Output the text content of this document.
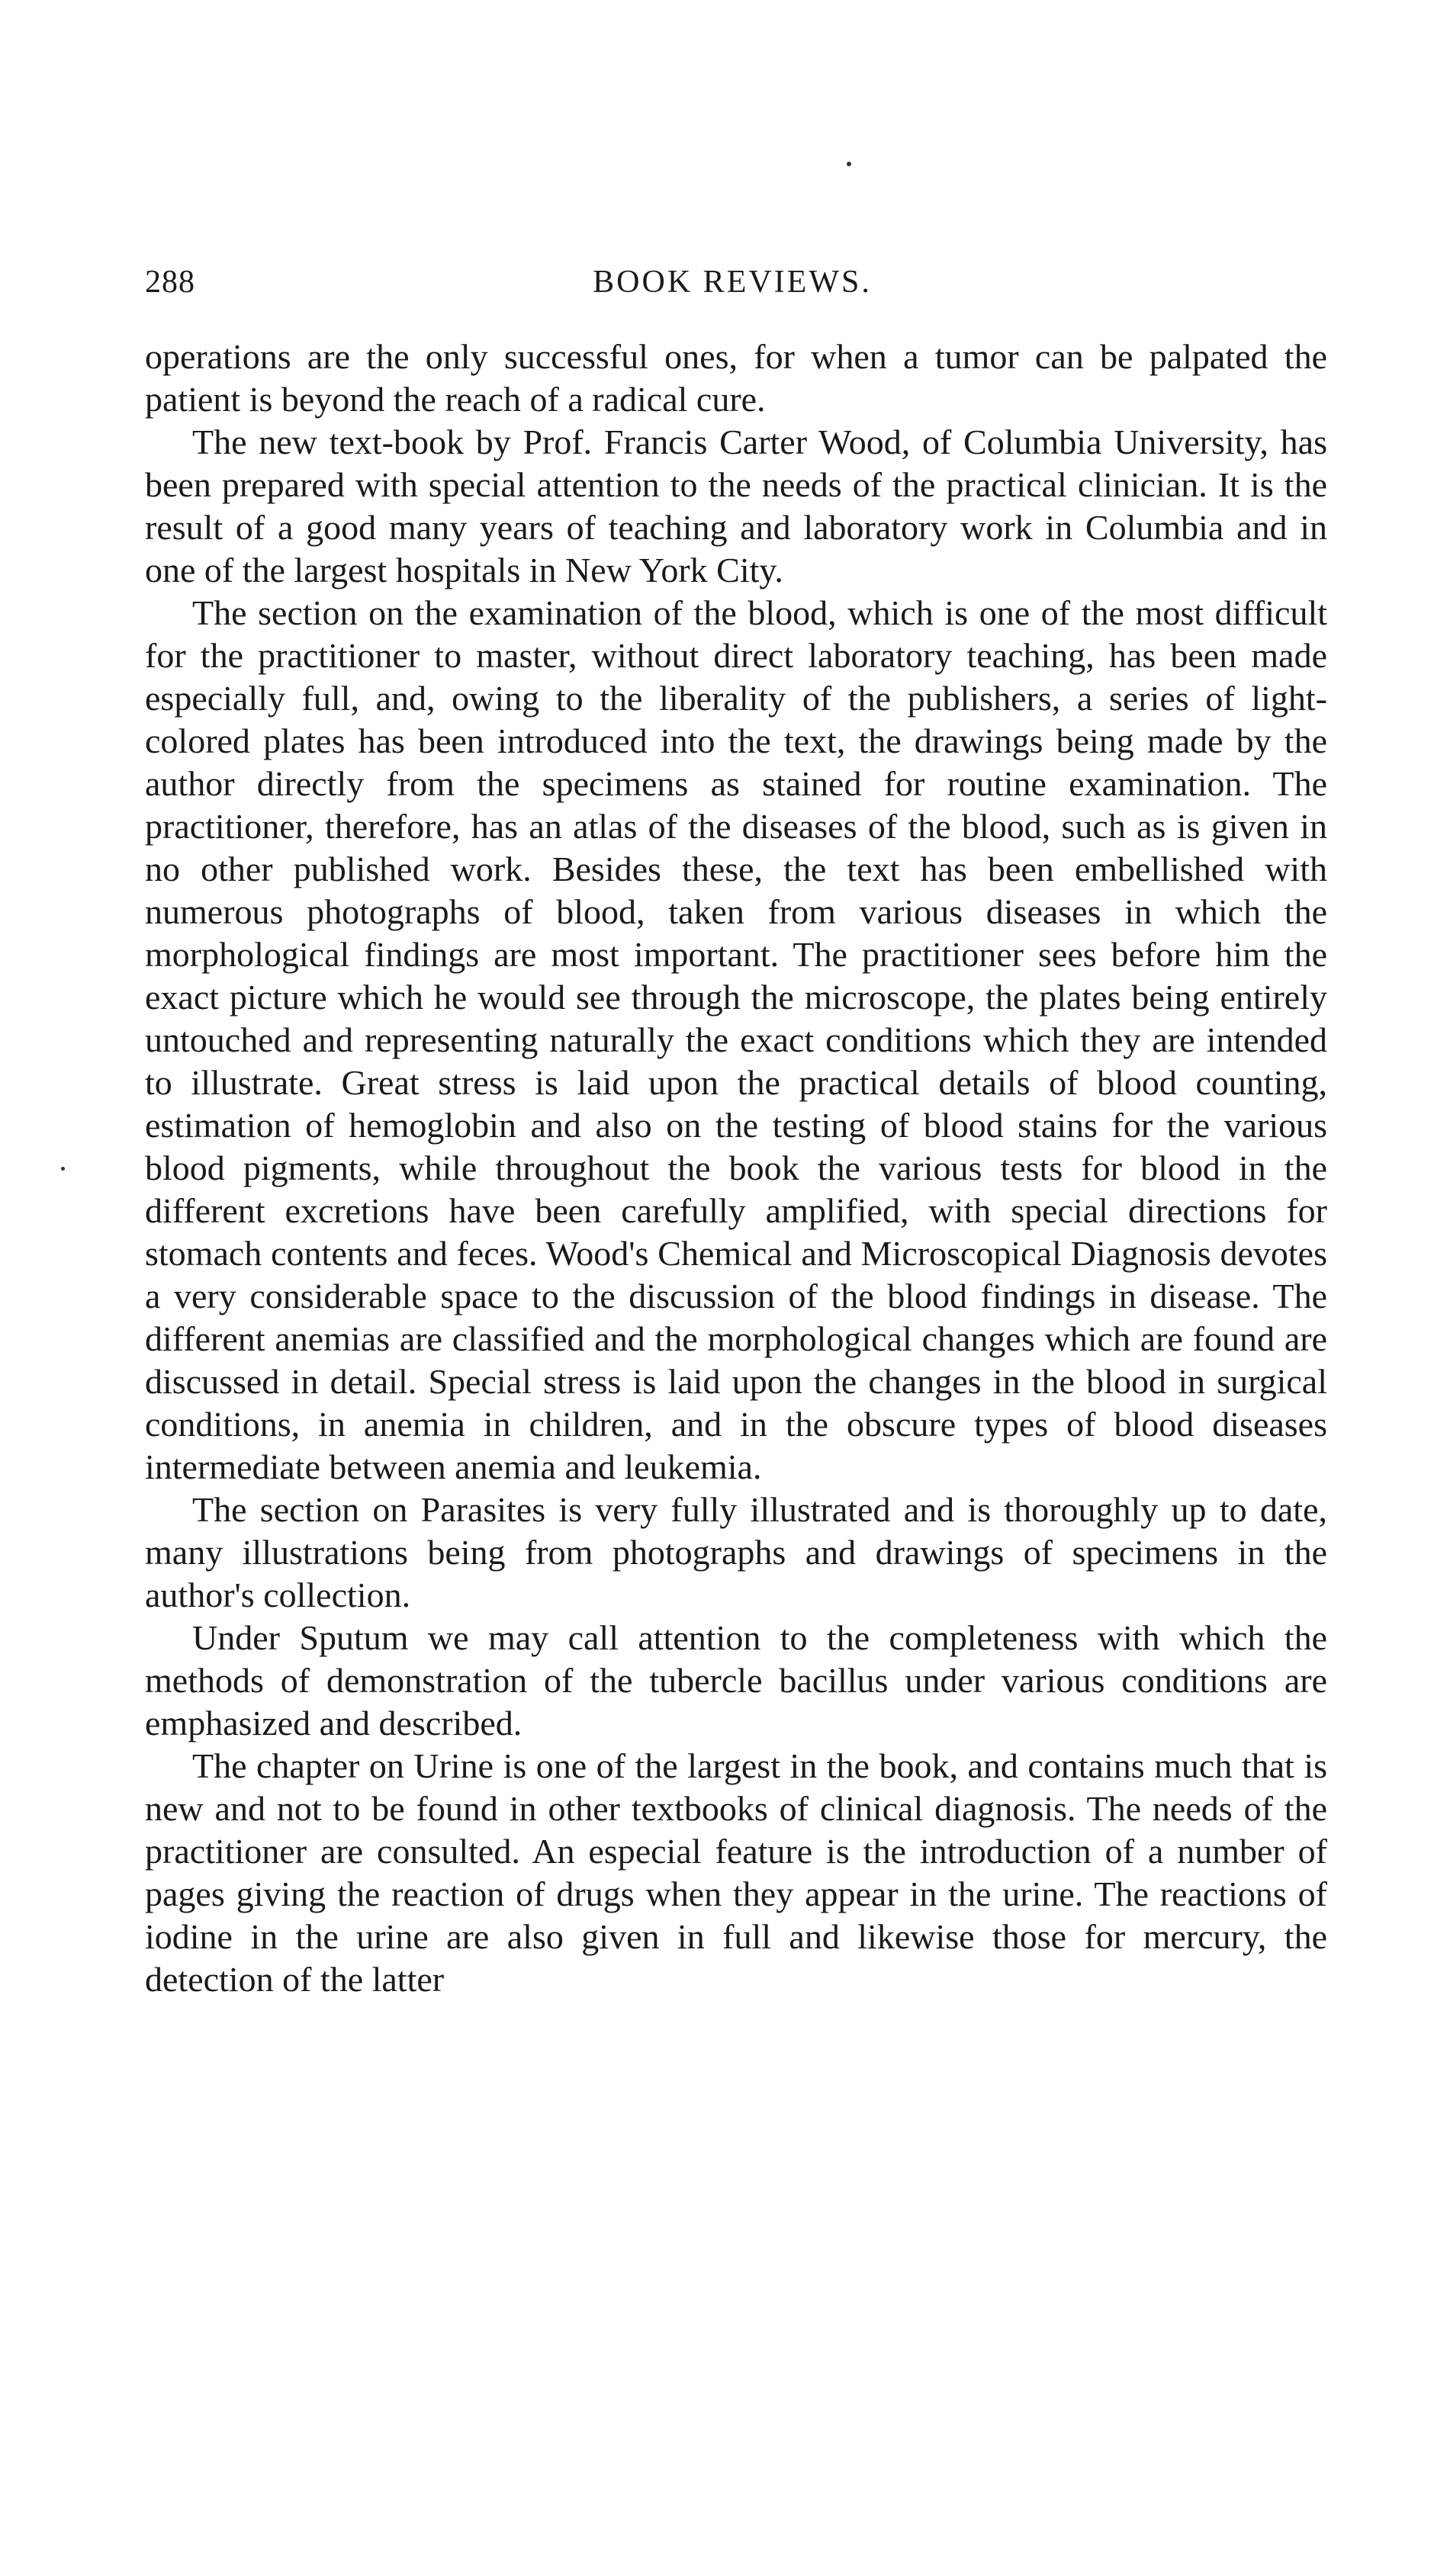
288	BOOK REVIEWS.

operations are the only successful ones, for when a tumor can be palpated the patient is beyond the reach of a radical cure.

The new text-book by Prof. Francis Carter Wood, of Columbia University, has been prepared with special attention to the needs of the practical clinician. It is the result of a good many years of teaching and laboratory work in Columbia and in one of the largest hospitals in New York City.

The section on the examination of the blood, which is one of the most difficult for the practitioner to master, without direct laboratory teaching, has been made especially full, and, owing to the liberality of the publishers, a series of light-colored plates has been introduced into the text, the drawings being made by the author directly from the specimens as stained for routine examination. The practitioner, therefore, has an atlas of the diseases of the blood, such as is given in no other published work. Besides these, the text has been embellished with numerous photographs of blood, taken from various diseases in which the morphological findings are most important. The practitioner sees before him the exact picture which he would see through the microscope, the plates being entirely untouched and representing naturally the exact conditions which they are intended to illustrate. Great stress is laid upon the practical details of blood counting, estimation of hemoglobin and also on the testing of blood stains for the various blood pigments, while throughout the book the various tests for blood in the different excretions have been carefully amplified, with special directions for stomach contents and feces. Wood's Chemical and Microscopical Diagnosis devotes a very considerable space to the discussion of the blood findings in disease. The different anemias are classified and the morphological changes which are found are discussed in detail. Special stress is laid upon the changes in the blood in surgical conditions, in anemia in children, and in the obscure types of blood diseases intermediate between anemia and leukemia.

The section on Parasites is very fully illustrated and is thoroughly up to date, many illustrations being from photographs and drawings of specimens in the author's collection.

Under Sputum we may call attention to the completeness with which the methods of demonstration of the tubercle bacillus under various conditions are emphasized and described.

The chapter on Urine is one of the largest in the book, and contains much that is new and not to be found in other textbooks of clinical diagnosis. The needs of the practitioner are consulted. An especial feature is the introduction of a number of pages giving the reaction of drugs when they appear in the urine. The reactions of iodine in the urine are also given in full and likewise those for mercury, the detection of the latter
